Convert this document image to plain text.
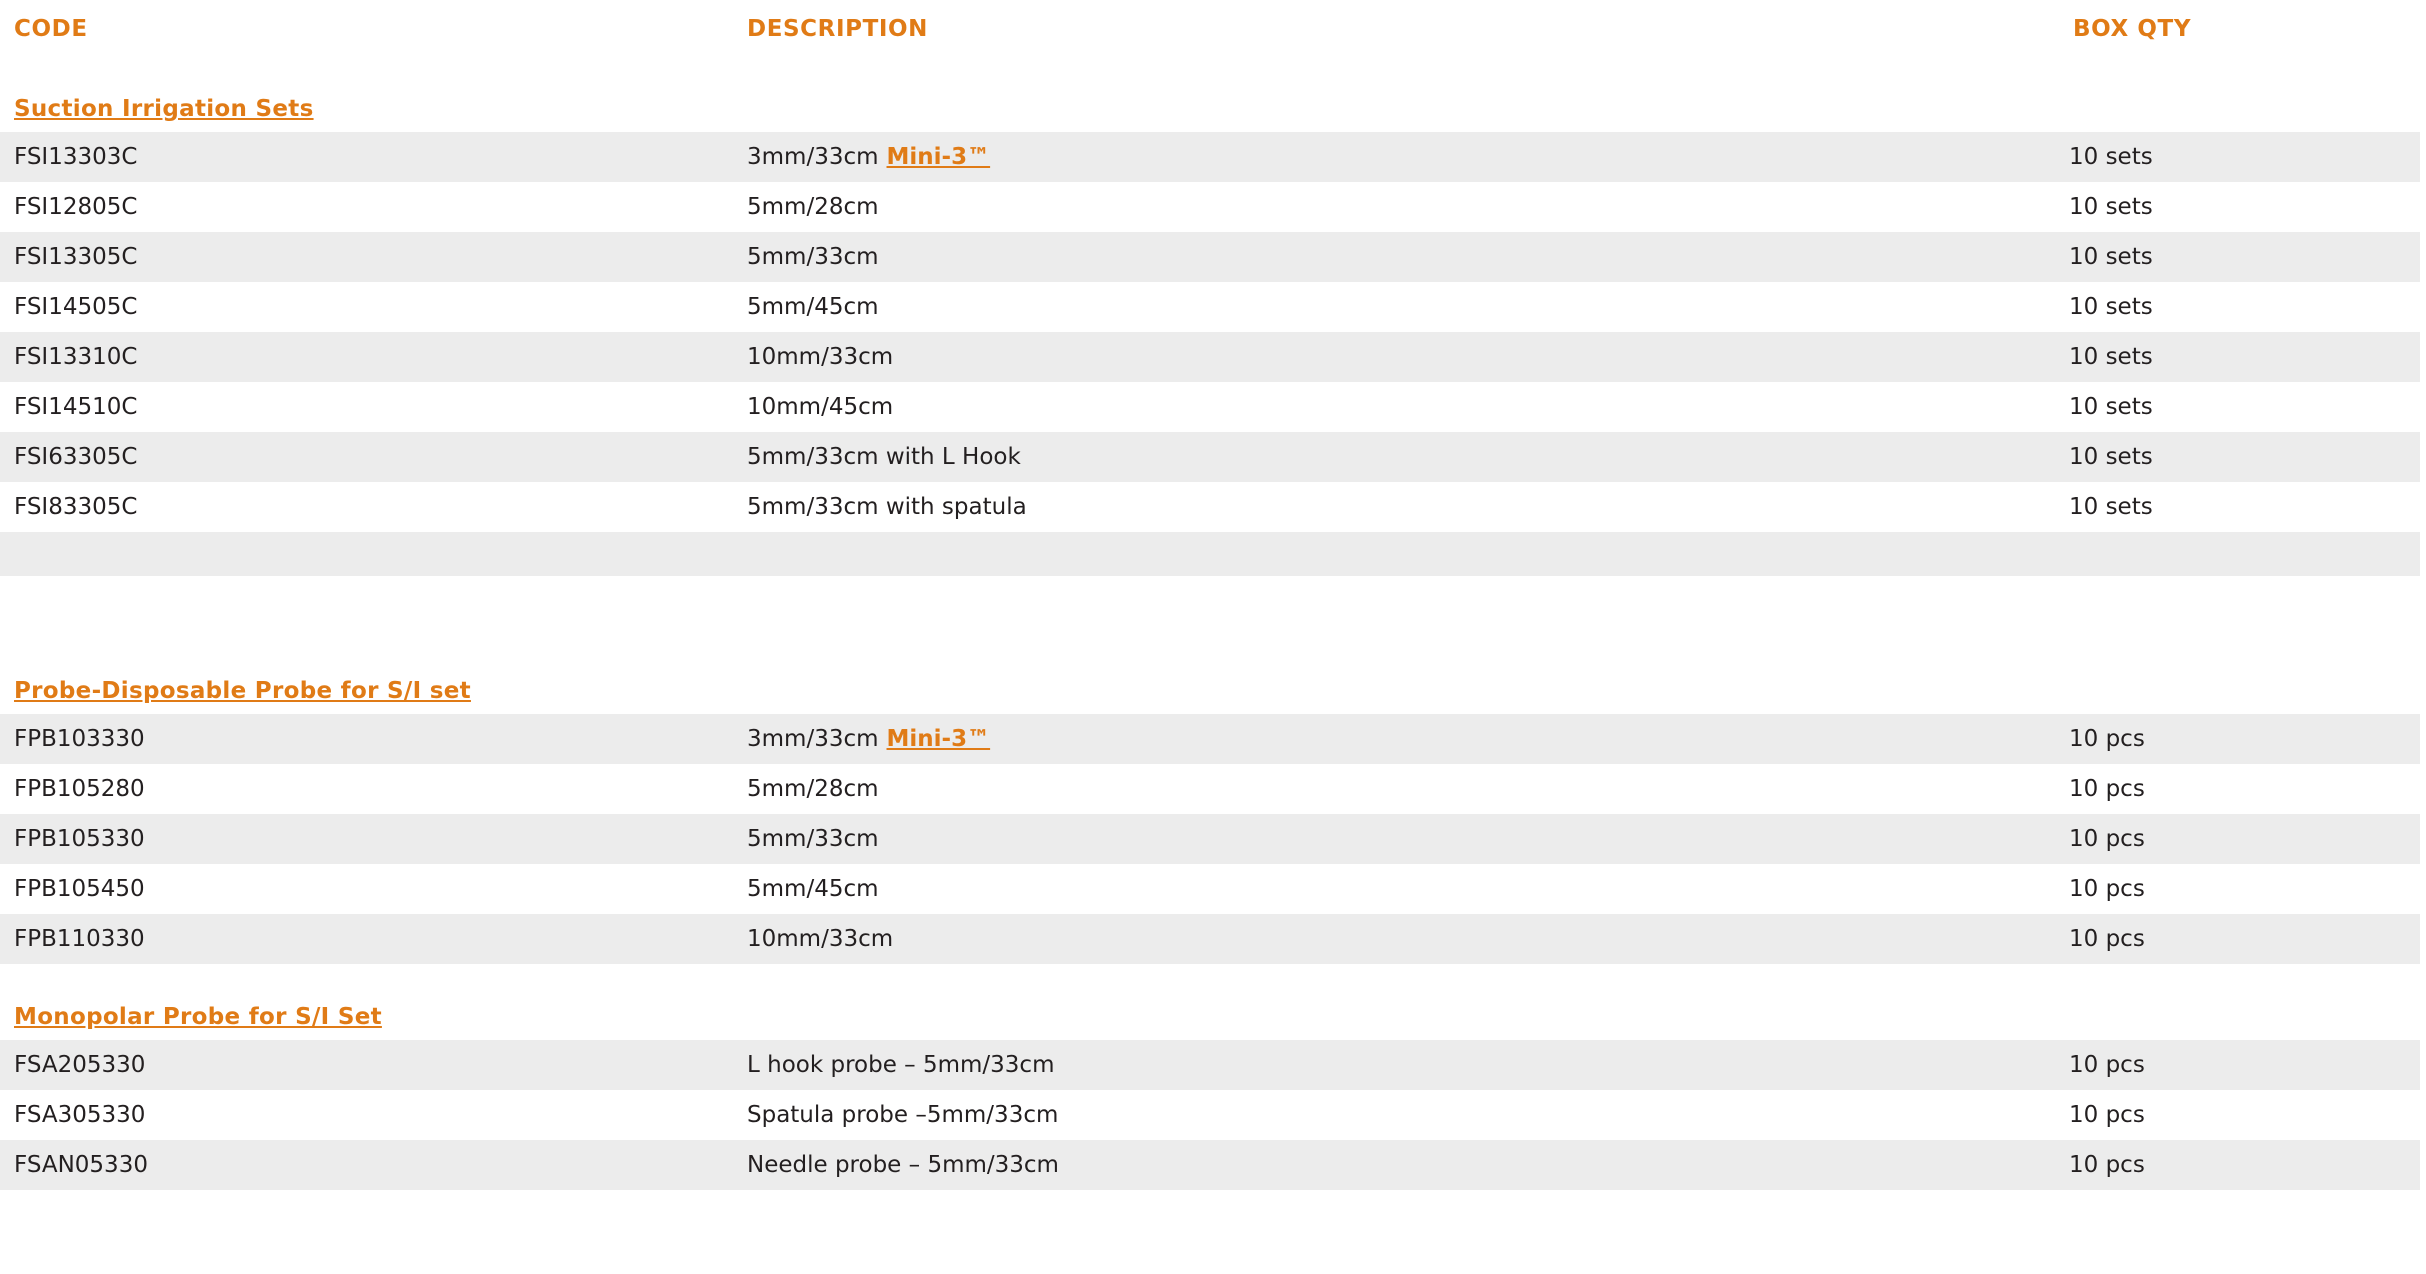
CODE	DESCRIPTION	BOX QTY

Suction Irrigation Sets		
FSI13303C	3mm/33cm Mini-3™	10 sets
FSI12805C	5mm/28cm	10 sets
FSI13305C	5mm/33cm	10 sets
FSI14505C	5mm/45cm	10 sets
FSI13310C	10mm/33cm	10 sets
FSI14510C	10mm/45cm	10 sets
FSI63305C	5mm/33cm with L Hook	10 sets
FSI83305C	5mm/33cm with spatula	10 sets

Probe-Disposable Probe for S/I set		
FPB103330	3mm/33cm Mini-3™	10 pcs
FPB105280	5mm/28cm	10 pcs
FPB105330	5mm/33cm	10 pcs
FPB105450	5mm/45cm	10 pcs
FPB110330	10mm/33cm	10 pcs

Monopolar Probe for S/I Set		
FSA205330	L hook probe – 5mm/33cm	10 pcs
FSA305330	Spatula probe –5mm/33cm	10 pcs
FSAN05330	Needle probe – 5mm/33cm	10 pcs
